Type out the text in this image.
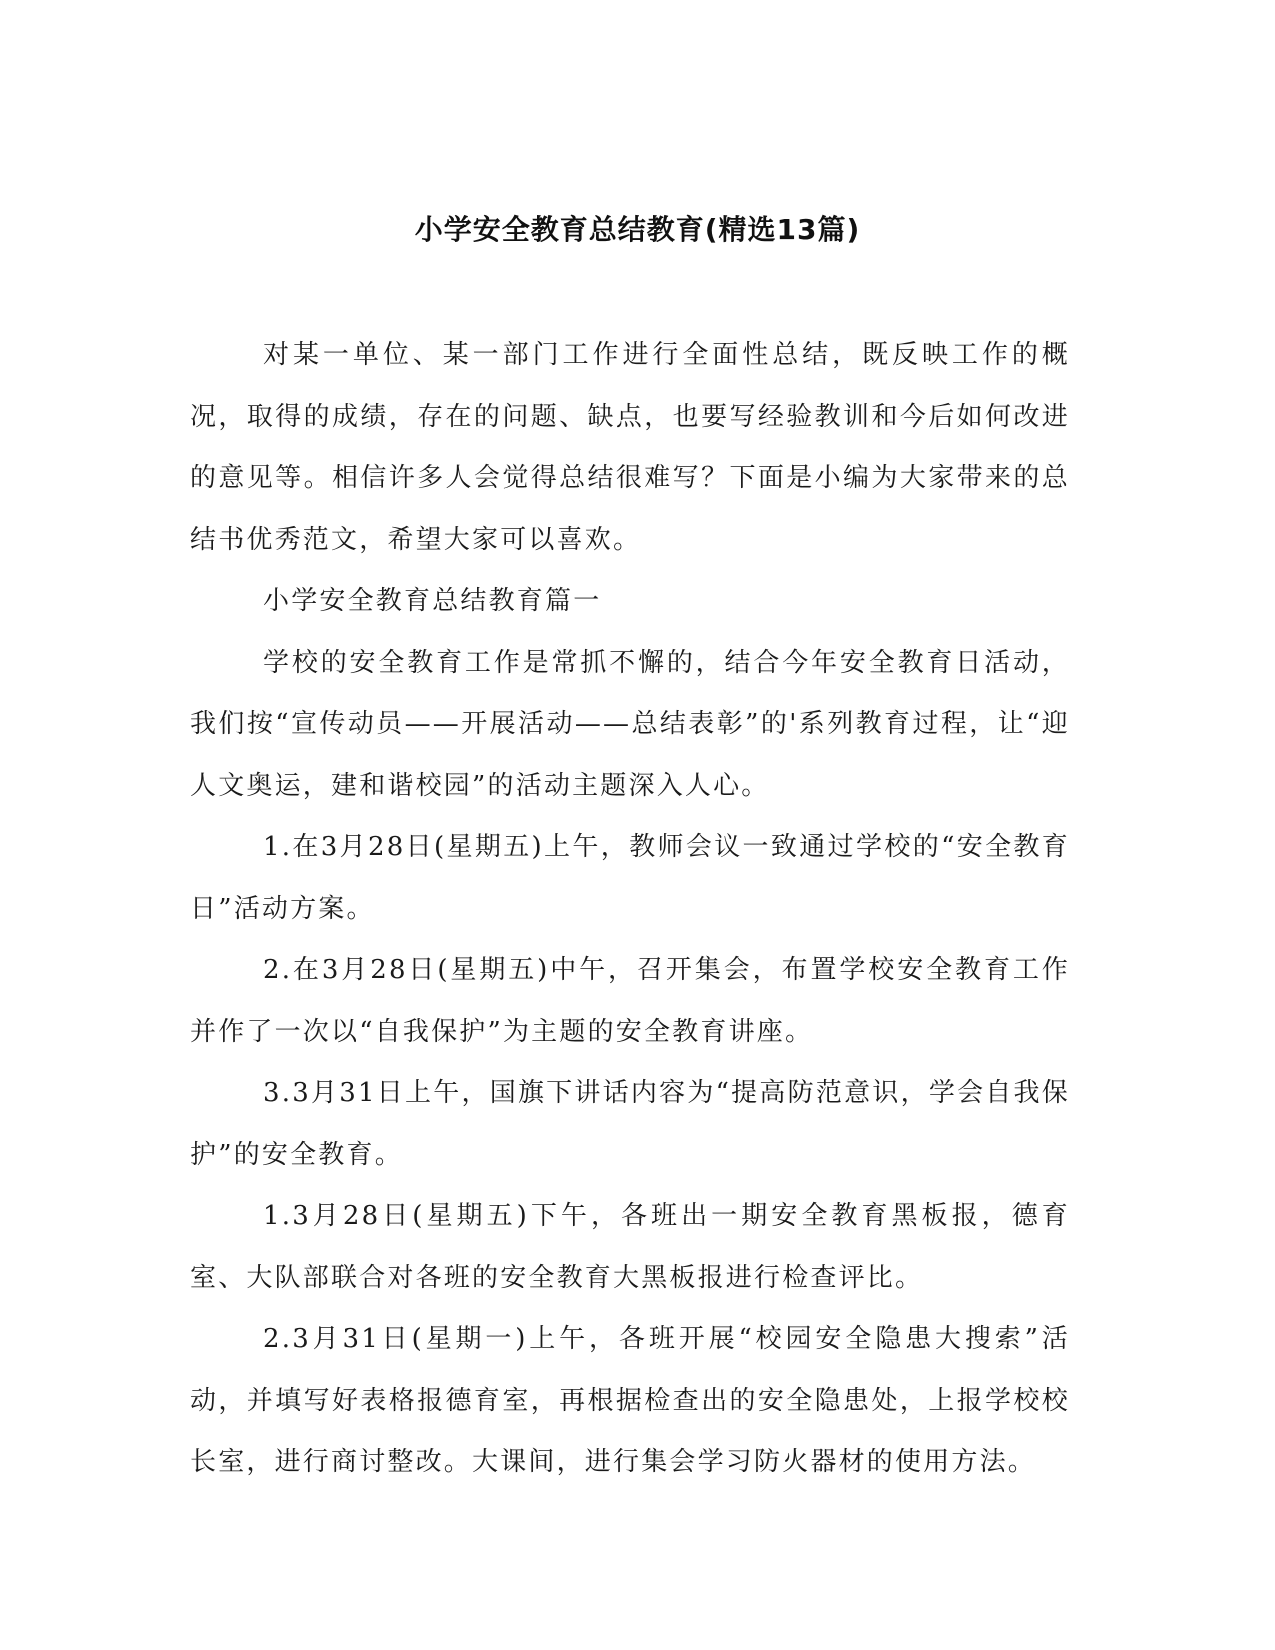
小学安全教育总结教育(精选13篇)

对某一单位、某一部门工作进行全面性总结，既反映工作的概况，取得的成绩，存在的问题、缺点，也要写经验教训和今后如何改进的意见等。相信许多人会觉得总结很难写？下面是小编为大家带来的总结书优秀范文，希望大家可以喜欢。

小学安全教育总结教育篇一

学校的安全教育工作是常抓不懈的，结合今年安全教育日活动，我们按“宣传动员——开展活动——总结表彰”的'系列教育过程，让“迎人文奥运，建和谐校园”的活动主题深入人心。

1.在3月28日(星期五)上午，教师会议一致通过学校的“安全教育日”活动方案。

2.在3月28日(星期五)中午，召开集会，布置学校安全教育工作并作了一次以“自我保护”为主题的安全教育讲座。

3.3月31日上午，国旗下讲话内容为“提高防范意识，学会自我保护”的安全教育。

1.3月28日(星期五)下午，各班出一期安全教育黑板报，德育室、大队部联合对各班的安全教育大黑板报进行检查评比。

2.3月31日(星期一)上午，各班开展“校园安全隐患大搜索”活动，并填写好表格报德育室，再根据检查出的安全隐患处，上报学校校长室，进行商讨整改。大课间，进行集会学习防火器材的使用方法。
